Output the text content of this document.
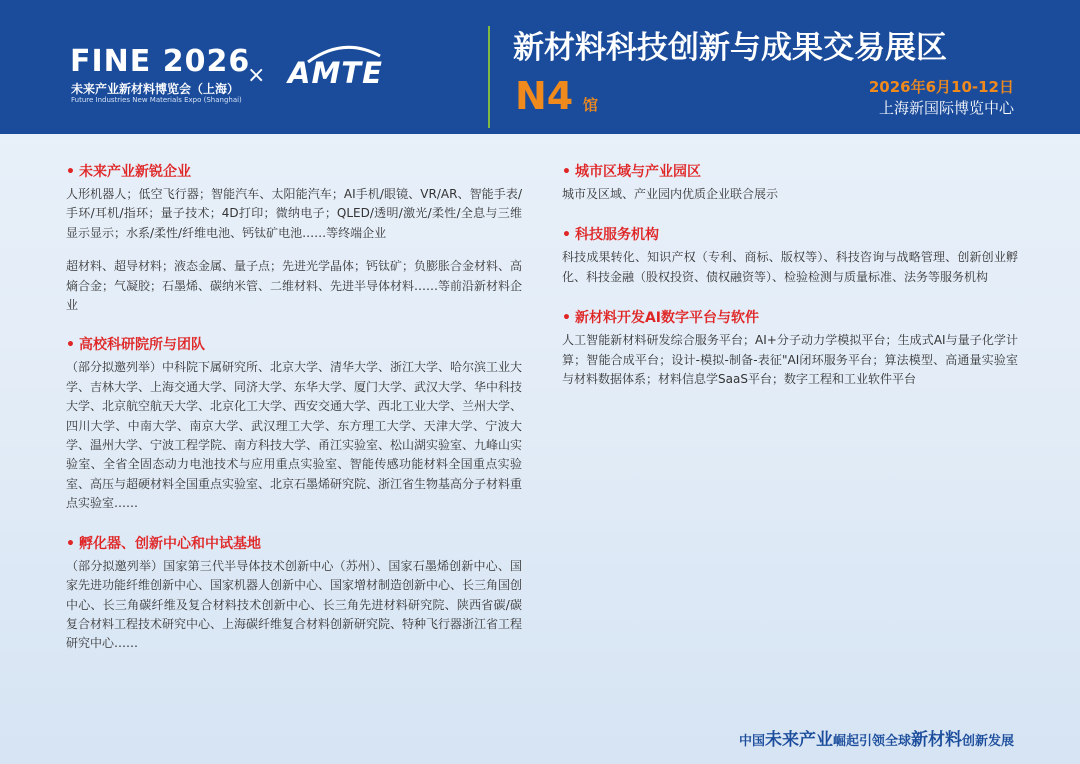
FINE 2026
未来产业新材料博览会（上海）
Future Industries New Materials Expo (Shanghai)
× AMTE
新材料科技创新与成果交易展区
N4 馆
2026年6月10-12日
上海新国际博览中心
• 未来产业新锐企业
人形机器人；低空飞行器；智能汽车、太阳能汽车；AI手机/眼镜、VR/AR、智能手表/手环/耳机/指环；量子技术；4D打印；微纳电子；QLED/透明/激光/柔性/全息与三维显示显示；水系/柔性/纤维电池、钙钛矿电池……等终端企业
超材料、超导材料；液态金属、量子点；先进光学晶体；钙钛矿；负膨胀合金材料、高熵合金；气凝胶；石墨烯、碳纳米管、二维材料、先进半导体材料……等前沿新材料企业
• 高校科研院所与团队
（部分拟邀列举）中科院下属研究所、北京大学、清华大学、浙江大学、哈尔滨工业大学、吉林大学、上海交通大学、同济大学、东华大学、厦门大学、武汉大学、华中科技大学、北京航空航天大学、北京化工大学、西安交通大学、西北工业大学、兰州大学、四川大学、中南大学、南京大学、武汉理工大学、东方理工大学、天津大学、宁波大学、温州大学、宁波工程学院、南方科技大学、甬江实验室、松山湖实验室、九峰山实验室、全省全固态动力电池技术与应用重点实验室、智能传感功能材料全国重点实验室、高压与超硬材料全国重点实验室、北京石墨烯研究院、浙江省生物基高分子材料重点实验室……
• 孵化器、创新中心和中试基地
（部分拟邀列举）国家第三代半导体技术创新中心（苏州）、国家石墨烯创新中心、国家先进功能纤维创新中心、国家机器人创新中心、国家增材制造创新中心、长三角国创中心、长三角碳纤维及复合材料技术创新中心、长三角先进材料研究院、陕西省碳/碳复合材料工程技术研究中心、上海碳纤维复合材料创新研究院、特种飞行器浙江省工程研究中心……
• 城市区域与产业园区
城市及区域、产业园内优质企业联合展示
• 科技服务机构
科技成果转化、知识产权（专利、商标、版权等）、科技咨询与战略管理、创新创业孵化、科技金融（股权投资、债权融资等）、检验检测与质量标准、法务等服务机构
• 新材料开发AI数字平台与软件
人工智能新材料研发综合服务平台；AI+分子动力学模拟平台；生成式AI与量子化学计算；智能合成平台；设计-模拟-制备-表征"AI闭环服务平台；算法模型、高通量实验室与材料数据体系；材料信息学SaaS平台；数字工程和工业软件平台
中国未来产业崛起引领全球新材料创新发展
